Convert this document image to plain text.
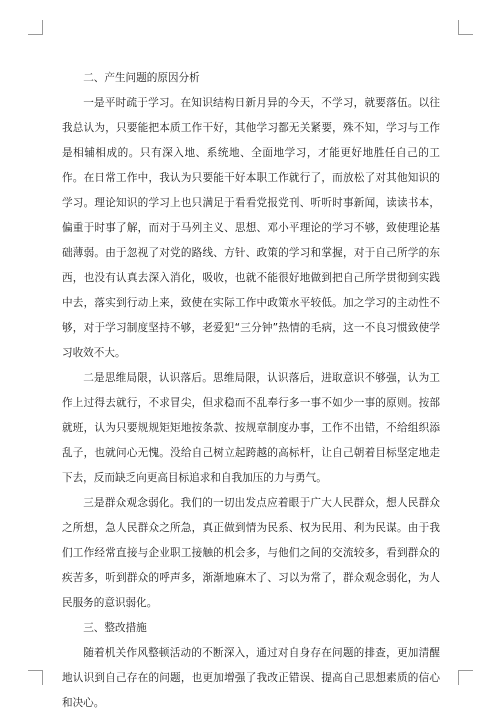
二、产生问题的原因分析

一是平时疏于学习。在知识结构日新月异的今天，不学习，就要落伍。以往我总认为，只要能把本质工作干好，其他学习都无关紧要，殊不知，学习与工作是相辅相成的。只有深入地、系统地、全面地学习，才能更好地胜任自己的工作。在日常工作中，我认为只要能干好本职工作就行了，而放松了对其他知识的学习。理论知识的学习上也只满足于看看党报党刊、听听时事新闻，读读书本，偏重于时事了解，而对于马列主义、思想、邓小平理论的学习不够，致使理论基础薄弱。由于忽视了对党的路线、方针、政策的学习和掌握，对于自己所学的东西，也没有认真去深入消化，吸收，也就不能很好地做到把自己所学贯彻到实践中去，落实到行动上来，致使在实际工作中政策水平较低。加之学习的主动性不够，对于学习制度坚持不够，老爱犯“三分钟”热情的毛病，这一不良习惯致使学习收效不大。

二是思维局限，认识落后。思维局限，认识落后，进取意识不够强，认为工作上过得去就行，不求冒尖，但求稳而不乱奉行多一事不如少一事的原则。按部就班，认为只要规规矩矩地按条款、按规章制度办事，工作不出错，不给组织添乱子，也就问心无愧。没给自己树立起跨越的高标杆，让自己朝着目标坚定地走下去，反而缺乏向更高目标追求和自我加压的力与勇气。

三是群众观念弱化。我们的一切出发点应着眼于广大人民群众，想人民群众之所想，急人民群众之所急，真正做到情为民系、权为民用、利为民谋。由于我们工作经常直接与企业职工接触的机会多，与他们之间的交流较多，看到群众的疾苦多，听到群众的呼声多，渐渐地麻木了、习以为常了，群众观念弱化，为人民服务的意识弱化。

三、整改措施

随着机关作风整顿活动的不断深入，通过对自身存在问题的排查，更加清醒地认识到自己存在的问题，也更加增强了我改正错误、提高自己思想素质的信心和决心。
